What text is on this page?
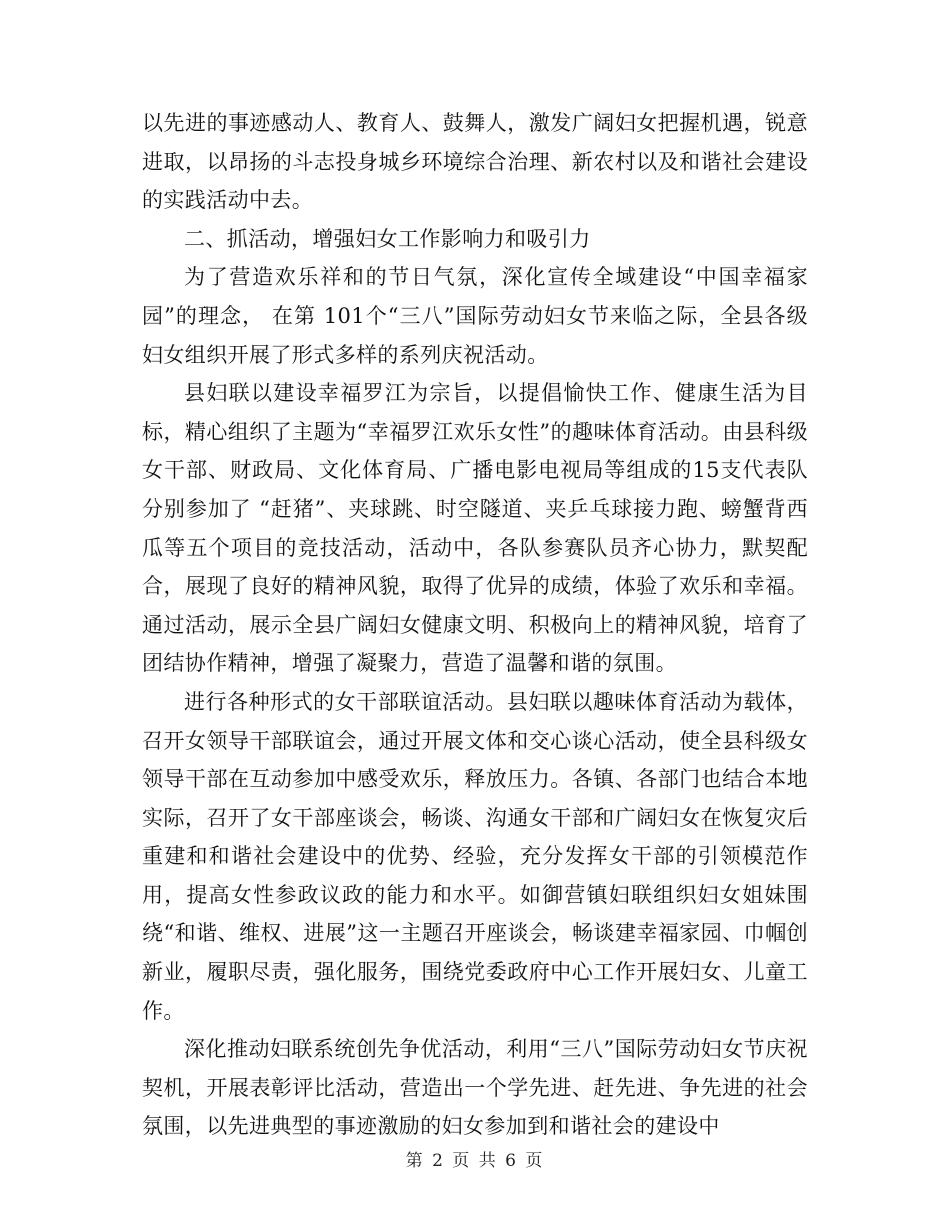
以先进的事迹感动人、教育人、鼓舞人，激发广阔妇女把握机遇，锐意进取，以昂扬的斗志投身城乡环境综合治理、新农村以及和谐社会建设的实践活动中去。

二、抓活动，增强妇女工作影响力和吸引力

为了营造欢乐祥和的节日气氛，深化宣传全域建设“中国幸福家园”的理念， 在第 101个“三八”国际劳动妇女节来临之际，全县各级妇女组织开展了形式多样的系列庆祝活动。

县妇联以建设幸福罗江为宗旨，以提倡愉快工作、健康生活为目标，精心组织了主题为“幸福罗江欢乐女性”的趣味体育活动。由县科级女干部、财政局、文化体育局、广播电影电视局等组成的15支代表队分别参加了 “赶猪”、夹球跳、时空隧道、夹乒乓球接力跑、螃蟹背西瓜等五个项目的竞技活动，活动中，各队参赛队员齐心协力，默契配合，展现了良好的精神风貌，取得了优异的成绩，体验了欢乐和幸福。通过活动，展示全县广阔妇女健康文明、积极向上的精神风貌，培育了团结协作精神，增强了凝聚力，营造了温馨和谐的氛围。

进行各种形式的女干部联谊活动。县妇联以趣味体育活动为载体，召开女领导干部联谊会，通过开展文体和交心谈心活动，使全县科级女领导干部在互动参加中感受欢乐，释放压力。各镇、各部门也结合本地实际，召开了女干部座谈会，畅谈、沟通女干部和广阔妇女在恢复灾后重建和和谐社会建设中的优势、经验，充分发挥女干部的引领模范作用，提高女性参政议政的能力和水平。如御营镇妇联组织妇女姐妹围绕“和谐、维权、进展”这一主题召开座谈会，畅谈建幸福家园、巾帼创新业，履职尽责，强化服务，围绕党委政府中心工作开展妇女、儿童工作。

深化推动妇联系统创先争优活动，利用“三八”国际劳动妇女节庆祝契机，开展表彰评比活动，营造出一个学先进、赶先进、争先进的社会氛围，以先进典型的事迹激励的妇女参加到和谐社会的建设中

第 2 页 共 6 页
